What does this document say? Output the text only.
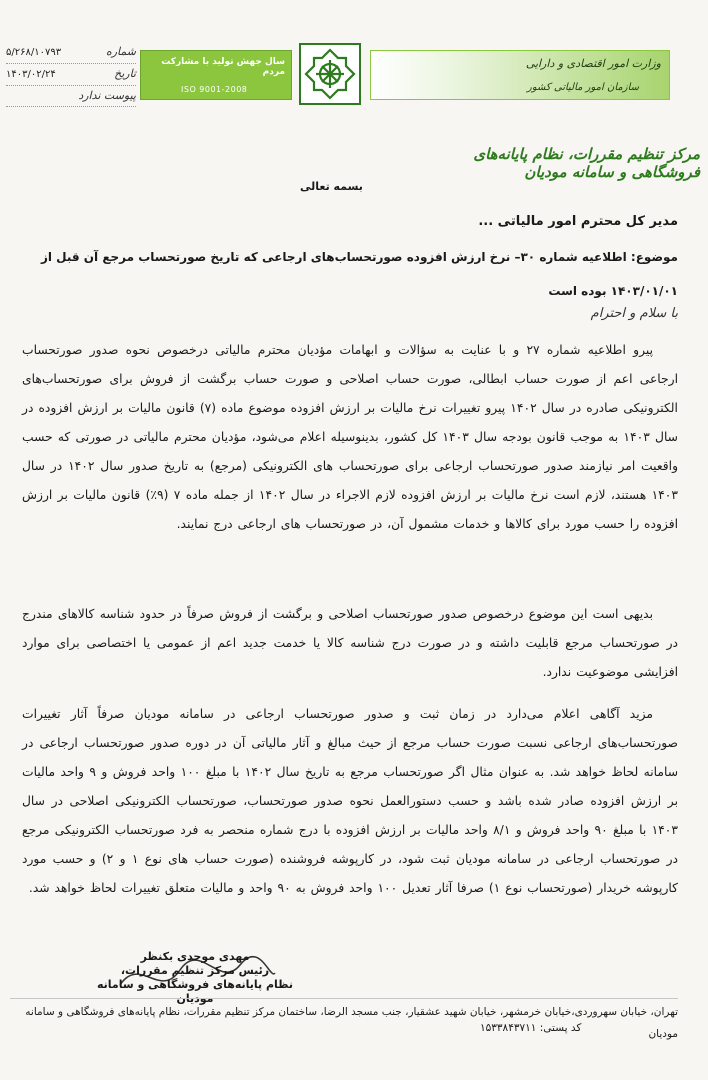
شماره
۵/۲۶۸/۱۰۷۹۳
تاریخ
۱۴۰۳/۰۲/۲۴
پیوست ندارد
سال جهش تولید با مشارکت مردم
ISO 9001-2008
وزارت امور اقتصادی و دارایی
سازمان امور مالیاتی کشور
مرکز تنظیم مقررات، نظام پایانه‌های فروشگاهی و سامانه مودیان
بسمه تعالی
مدیر کل محترم امور مالیاتی ...
موضوع: اطلاعیه شماره ۳۰– نرخ ارزش افزوده صورتحساب‌های ارجاعی که تاریخ صورتحساب مرجع آن قبل از ۱۴۰۳/۰۱/۰۱ بوده است
با سلام و احترام
پیرو اطلاعیه شماره ۲۷ و با عنایت به سؤالات و ابهامات مؤدیان محترم مالیاتی درخصوص نحوه صدور صورتحساب ارجاعی اعم از صورت حساب ابطالی، صورت حساب اصلاحی و صورت حساب برگشت از فروش برای صورتحساب‌های الکترونیکی صادره در سال ۱۴۰۲ پیرو تغییرات نرخ مالیات بر ارزش افزوده موضوع ماده (۷) قانون مالیات بر ارزش افزوده در سال ۱۴۰۳ به موجب قانون بودجه سال ۱۴۰۳ کل کشور، بدینوسیله اعلام می‌شود، مؤدیان محترم مالیاتی در صورتی که حسب واقعیت امر نیازمند صدور صورتحساب ارجاعی برای صورتحساب های الکترونیکی (مرجع) به تاریخ صدور سال ۱۴۰۲ در سال ۱۴۰۳ هستند، لازم است نرخ مالیات بر ارزش افزوده لازم الاجراء در سال ۱۴۰۲ از جمله ماده ۷ (۹٪) قانون مالیات بر ارزش افزوده را حسب مورد برای کالاها و خدمات مشمول آن، در صورتحساب های ارجاعی درج نمایند.
بدیهی است این موضوع درخصوص صدور صورتحساب اصلاحی و برگشت از فروش صرفاً در حدود شناسه کالاهای مندرج در صورتحساب مرجع قابلیت داشته و در صورت درج شناسه کالا یا خدمت جدید اعم از عمومی یا اختصاصی برای موارد افزایشی موضوعیت ندارد.
مزید آگاهی اعلام می‌دارد در زمان ثبت و صدور صورتحساب ارجاعی در سامانه مودیان صرفاً آثار تغییرات صورتحساب‌های ارجاعی نسبت صورت حساب مرجع از حیث مبالغ و آثار مالیاتی آن در دوره صدور صورتحساب ارجاعی در سامانه لحاظ خواهد شد. به عنوان مثال اگر صورتحساب مرجع به تاریخ سال ۱۴۰۲ با مبلغ ۱۰۰ واحد فروش و ۹ واحد مالیات بر ارزش افزوده صادر شده باشد و حسب دستورالعمل نحوه صدور صورتحساب، صورتحساب الکترونیکی اصلاحی در سال ۱۴۰۳ با مبلغ ۹۰ واحد فروش و ۸/۱ واحد مالیات بر ارزش افزوده با درج شماره منحصر به فرد صورتحساب الکترونیکی مرجع در صورتحساب ارجاعی در سامانه مودیان ثبت شود، در کارپوشه فروشنده (صورت حساب های نوع ۱ و ۲) و حسب مورد کارپوشه خریدار (صورتحساب نوع ۱) صرفا آثار تعدیل ۱۰۰ واحد فروش به ۹۰ واحد و مالیات متعلق تغییرات لحاظ خواهد شد.
مهدی موحدی بکنظر
رئیس مرکز تنظیم مقررات،
نظام پایانه‌های فروشگاهی و سامانه مودیان
تهران، خیابان سهروردی،خیابان خرمشهر، خیابان شهید عشقیار، جنب مسجد الرضا، ساختمان مرکز تنظیم مقررات، نظام پایانه‌های فروشگاهی و سامانه مودیان
کد پستی: ۱۵۳۳۸۴۳۷۱۱
